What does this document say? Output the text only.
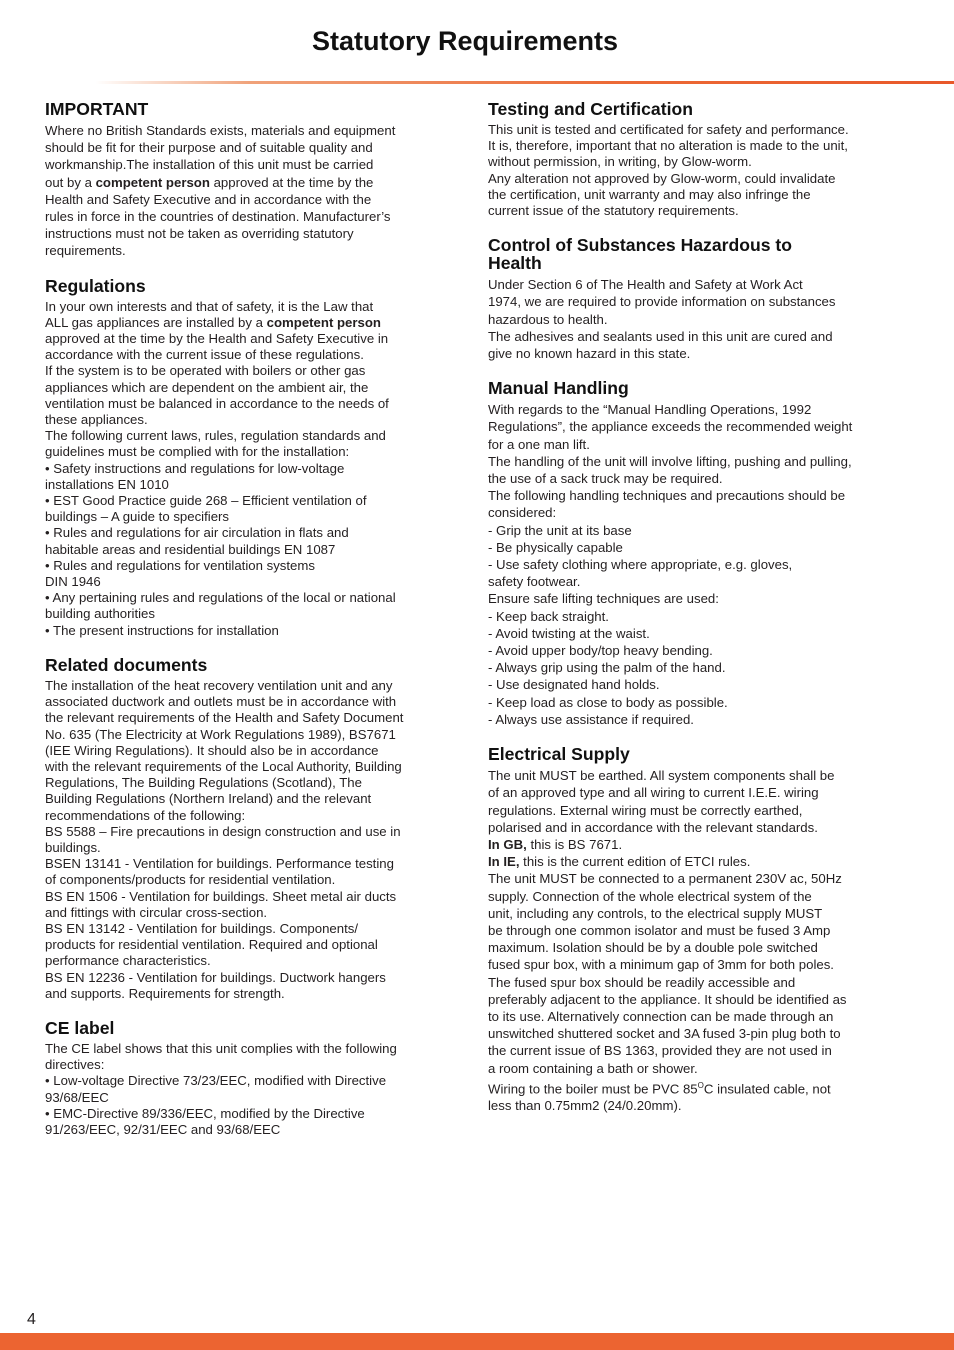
Statutory Requirements
IMPORTANT

Where no British Standards exists, materials and equipment
should be fit for their purpose and of suitable quality and
workmanship.The installation of this unit must be carried
out by a competent person approved at the time by the
Health and Safety Executive and in accordance with the
rules in force in the countries of destination. Manufacturer’s
instructions must not be taken as overriding statutory
requirements.

Regulations

In your own interests and that of safety, it is the Law that
ALL gas appliances are installed by a competent person
approved at the time by the Health and Safety Executive in
accordance with the current issue of these regulations.
If the system is to be operated with boilers or other gas
appliances which are dependent on the ambient air, the
ventilation must be balanced in accordance to the needs of
these appliances.
The following current laws, rules, regulation standards and
guidelines must be complied with for the installation:
• Safety instructions and regulations for low-voltage
installations EN 1010
• EST Good Practice guide 268 – Efficient ventilation of
buildings – A guide to specifiers
• Rules and regulations for air circulation in flats and
habitable areas and residential buildings EN 1087
• Rules and regulations for ventilation systems
DIN 1946
• Any pertaining rules and regulations of the local or national
building authorities
• The present instructions for installation

Related documents

The installation of the heat recovery ventilation unit and any
associated ductwork and outlets must be in accordance with
the relevant requirements of the Health and Safety Document
No. 635 (The Electricity at Work Regulations 1989), BS7671
(IEE Wiring Regulations). It should also be in accordance
with the relevant requirements of the Local Authority, Building
Regulations, The Building Regulations (Scotland), The
Building Regulations (Northern Ireland) and the relevant
recommendations of the following:
BS 5588 – Fire precautions in design construction and use in
buildings.
BSEN 13141 - Ventilation for buildings. Performance testing
of components/products for residential ventilation.
BS EN 1506 - Ventilation for buildings. Sheet metal air ducts
and fittings with circular cross-section.
BS EN 13142 - Ventilation for buildings. Components/
products for residential ventilation. Required and optional
performance characteristics.
BS EN 12236 - Ventilation for buildings. Ductwork hangers
and supports. Requirements for strength.

CE label

The CE label shows that this unit complies with the following
directives:
• Low-voltage Directive 73/23/EEC, modified with Directive
93/68/EEC
• EMC-Directive 89/336/EEC, modified by the Directive
91/263/EEC, 92/31/EEC and 93/68/EEC

Testing and Certification

This unit is tested and certificated for safety and performance.
It is, therefore, important that no alteration is made to the unit,
without permission, in writing, by Glow-worm.
Any alteration not approved by Glow-worm, could invalidate
the certification, unit warranty and may also infringe the
current issue of the statutory requirements.

Control of Substances Hazardous to
Health

Under Section 6 of The Health and Safety at Work Act
1974, we are required to provide information on substances
hazardous to health.
The adhesives and sealants used in this unit are cured and
give no known hazard in this state.

Manual Handling

With regards to the “Manual Handling Operations, 1992
Regulations”, the appliance exceeds the recommended weight
for a one man lift.
The handling of the unit will involve lifting, pushing and pulling,
the use of a sack truck may be required.
The following handling techniques and precautions should be
considered:
- Grip the unit at its base
- Be physically capable
- Use safety clothing where appropriate, e.g. gloves,
safety footwear.
Ensure safe lifting techniques are used:
- Keep back straight.
- Avoid twisting at the waist.
- Avoid upper body/top heavy bending.
- Always grip using the palm of the hand.
- Use designated hand holds.
- Keep load as close to body as possible.
- Always use assistance if required.

Electrical Supply

The unit MUST be earthed. All system components shall be
of an approved type and all wiring to current I.E.E. wiring
regulations. External wiring must be correctly earthed,
polarised and in accordance with the relevant standards.
In GB, this is BS 7671.
In IE, this is the current edition of ETCI rules.
The unit MUST be connected to a permanent 230V ac, 50Hz
supply. Connection of the whole electrical system of the
unit, including any controls, to the electrical supply MUST
be through one common isolator and must be fused 3 Amp
maximum. Isolation should be by a double pole switched
fused spur box, with a minimum gap of 3mm for both poles.
The fused spur box should be readily accessible and
preferably adjacent to the appliance. It should be identified as
to its use. Alternatively connection can be made through an
unswitched shuttered socket and 3A fused 3-pin plug both to
the current issue of BS 1363, provided they are not used in
a room containing a bath or shower.
Wiring to the boiler must be PVC $85^OC$ insulated cable, not
less than 0.75mm2 (24/0.20mm).

4
